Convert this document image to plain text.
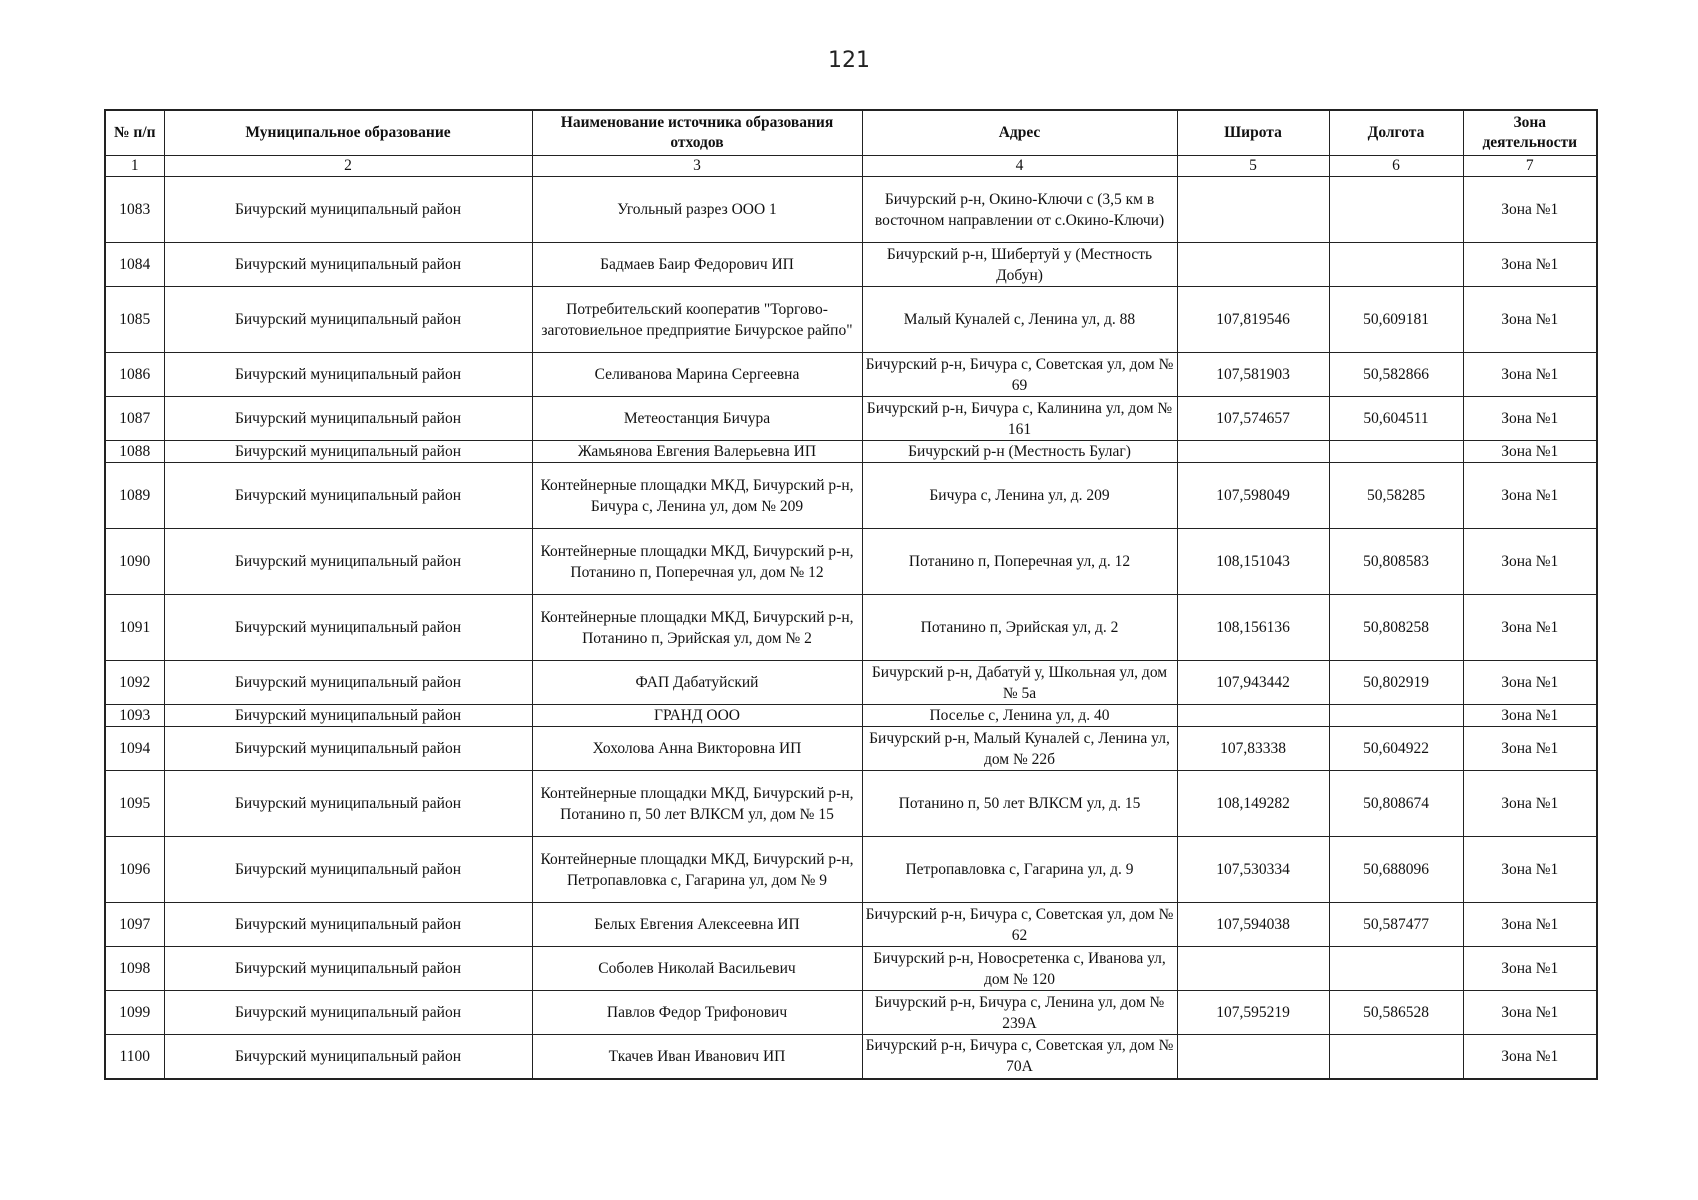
121
№ п/п	Муниципальное образование	Наименование источника образования отходов	Адрес	Широта	Долгота	Зона деятельности
1	2	3	4	5	6	7
1083	Бичурский муниципальный район	Угольный разрез ООО 1	Бичурский р-н, Окино-Ключи с (3,5 км в восточном направлении от с.Окино-Ключи)			Зона №1
1084	Бичурский муниципальный район	Бадмаев Баир Федорович ИП	Бичурский р-н, Шибертуй у (Местность Добун)			Зона №1
1085	Бичурский муниципальный район	Потребительский кооператив "Торгово-заготовиельное предприятие Бичурское райпо"	Малый Куналей с, Ленина ул, д. 88	107,819546	50,609181	Зона №1
1086	Бичурский муниципальный район	Селиванова Марина Сергеевна	Бичурский р-н, Бичура с, Советская ул, дом № 69	107,581903	50,582866	Зона №1
1087	Бичурский муниципальный район	Метеостанция Бичура	Бичурский р-н, Бичура с, Калинина ул, дом № 161	107,574657	50,604511	Зона №1
1088	Бичурский муниципальный район	Жамьянова Евгения Валерьевна ИП	Бичурский р-н (Местность Булаг)			Зона №1
1089	Бичурский муниципальный район	Контейнерные площадки МКД, Бичурский р-н, Бичура с, Ленина ул, дом № 209	Бичура с, Ленина ул, д. 209	107,598049	50,58285	Зона №1
1090	Бичурский муниципальный район	Контейнерные площадки МКД, Бичурский р-н, Потанино п, Поперечная ул, дом № 12	Потанино п, Поперечная ул, д. 12	108,151043	50,808583	Зона №1
1091	Бичурский муниципальный район	Контейнерные площадки МКД, Бичурский р-н, Потанино п, Эрийская ул, дом № 2	Потанино п, Эрийская ул, д. 2	108,156136	50,808258	Зона №1
1092	Бичурский муниципальный район	ФАП Дабатуйский	Бичурский р-н, Дабатуй у, Школьная ул, дом № 5а	107,943442	50,802919	Зона №1
1093	Бичурский муниципальный район	ГРАНД ООО	Поселье с, Ленина ул, д. 40			Зона №1
1094	Бичурский муниципальный район	Хохолова Анна Викторовна ИП	Бичурский р-н, Малый Куналей с, Ленина ул, дом № 22б	107,83338	50,604922	Зона №1
1095	Бичурский муниципальный район	Контейнерные площадки МКД, Бичурский р-н, Потанино п, 50 лет ВЛКСМ ул, дом № 15	Потанино п, 50 лет ВЛКСМ ул, д. 15	108,149282	50,808674	Зона №1
1096	Бичурский муниципальный район	Контейнерные площадки МКД, Бичурский р-н, Петропавловка с, Гагарина ул, дом № 9	Петропавловка с, Гагарина ул, д. 9	107,530334	50,688096	Зона №1
1097	Бичурский муниципальный район	Белых Евгения Алексеевна ИП	Бичурский р-н, Бичура с, Советская ул, дом № 62	107,594038	50,587477	Зона №1
1098	Бичурский муниципальный район	Соболев Николай Васильевич	Бичурский р-н, Новосретенка с, Иванова ул, дом № 120			Зона №1
1099	Бичурский муниципальный район	Павлов Федор Трифонович	Бичурский р-н, Бичура с, Ленина ул, дом № 239А	107,595219	50,586528	Зона №1
1100	Бичурский муниципальный район	Ткачев Иван Иванович ИП	Бичурский р-н, Бичура с, Советская ул, дом № 70А			Зона №1
